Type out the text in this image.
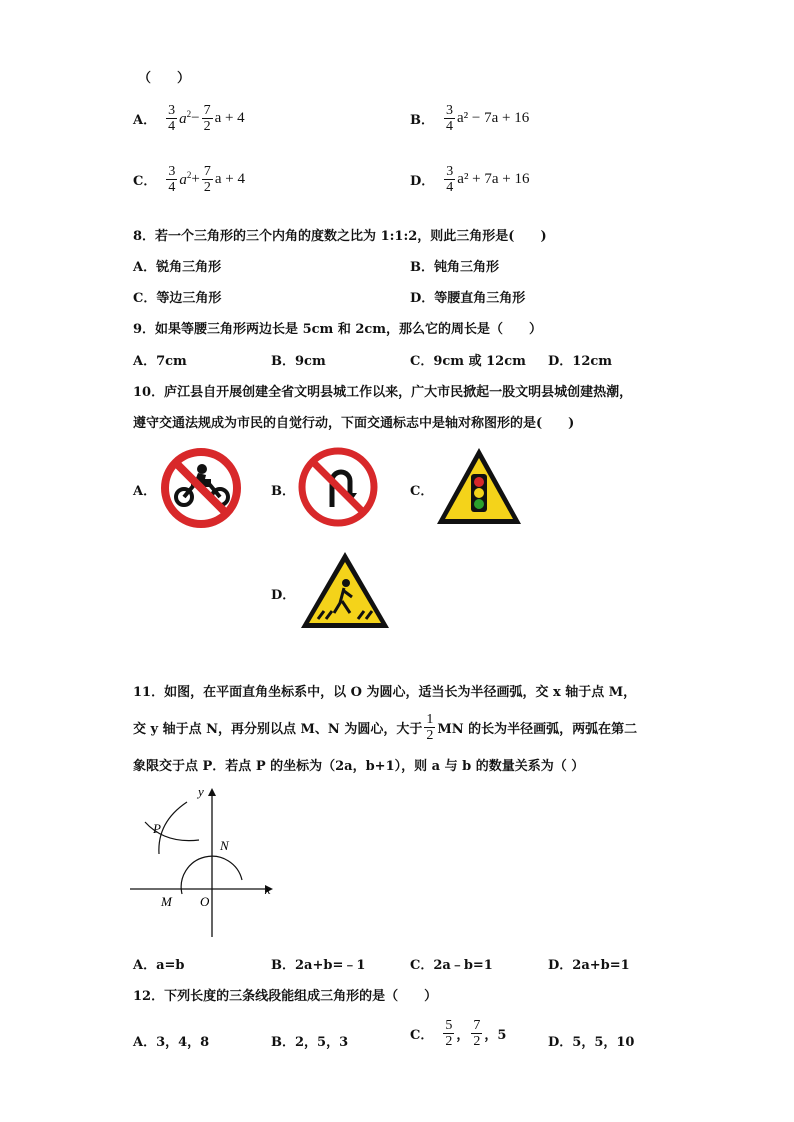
（　　）
A． $\frac{3}{4} a^2 - \frac{7}{2}$ a + 4	B． $\frac{3}{4} a^2 - 7a + 16$
C． $\frac{3}{4} a^2 + \frac{7}{2}$ a + 4	D． $\frac{3}{4} a^2 + 7a + 16$
8．若一个三角形的三个内角的度数之比为 1:1:2，则此三角形是(　　)
A．锐角三角形	B．钝角三角形
C．等边三角形	D．等腰直角三角形
9．如果等腰三角形两边长是 5cm 和 2cm，那么它的周长是（　　）
A．7cm	B．9cm	C．9cm 或 12cm D．12cm
10．庐江县自开展创建全省文明县城工作以来，广大市民掀起一股文明县城创建热潮，
遵守交通法规成为市民的自觉行动，下面交通标志中是轴对称图形的是(　　)
A．	B．	C．
D．
11．如图，在平面直角坐标系中，以 O 为圆心，适当长为半径画弧，交 x 轴于点 M，
交 y 轴于点 N，再分别以点 M、N 为圆心，大于 $\frac{1}{2}$ MN 的长为半径画弧，两弧在第二
象限交于点 P．若点 P 的坐标为（2a，b+1），则 a 与 b 的数量关系为（ ）
y
x
P
N
M O
A．a=b	B．2a+b=﹣1	C．2a﹣b=1	D．2a+b=1
12．下列长度的三条线段能组成三角形的是（　　）
A．3，4，8	B．2，5，3	C． $\frac{5}{2}$ ， $\frac{7}{2}$ ，5	D．5，5，10
